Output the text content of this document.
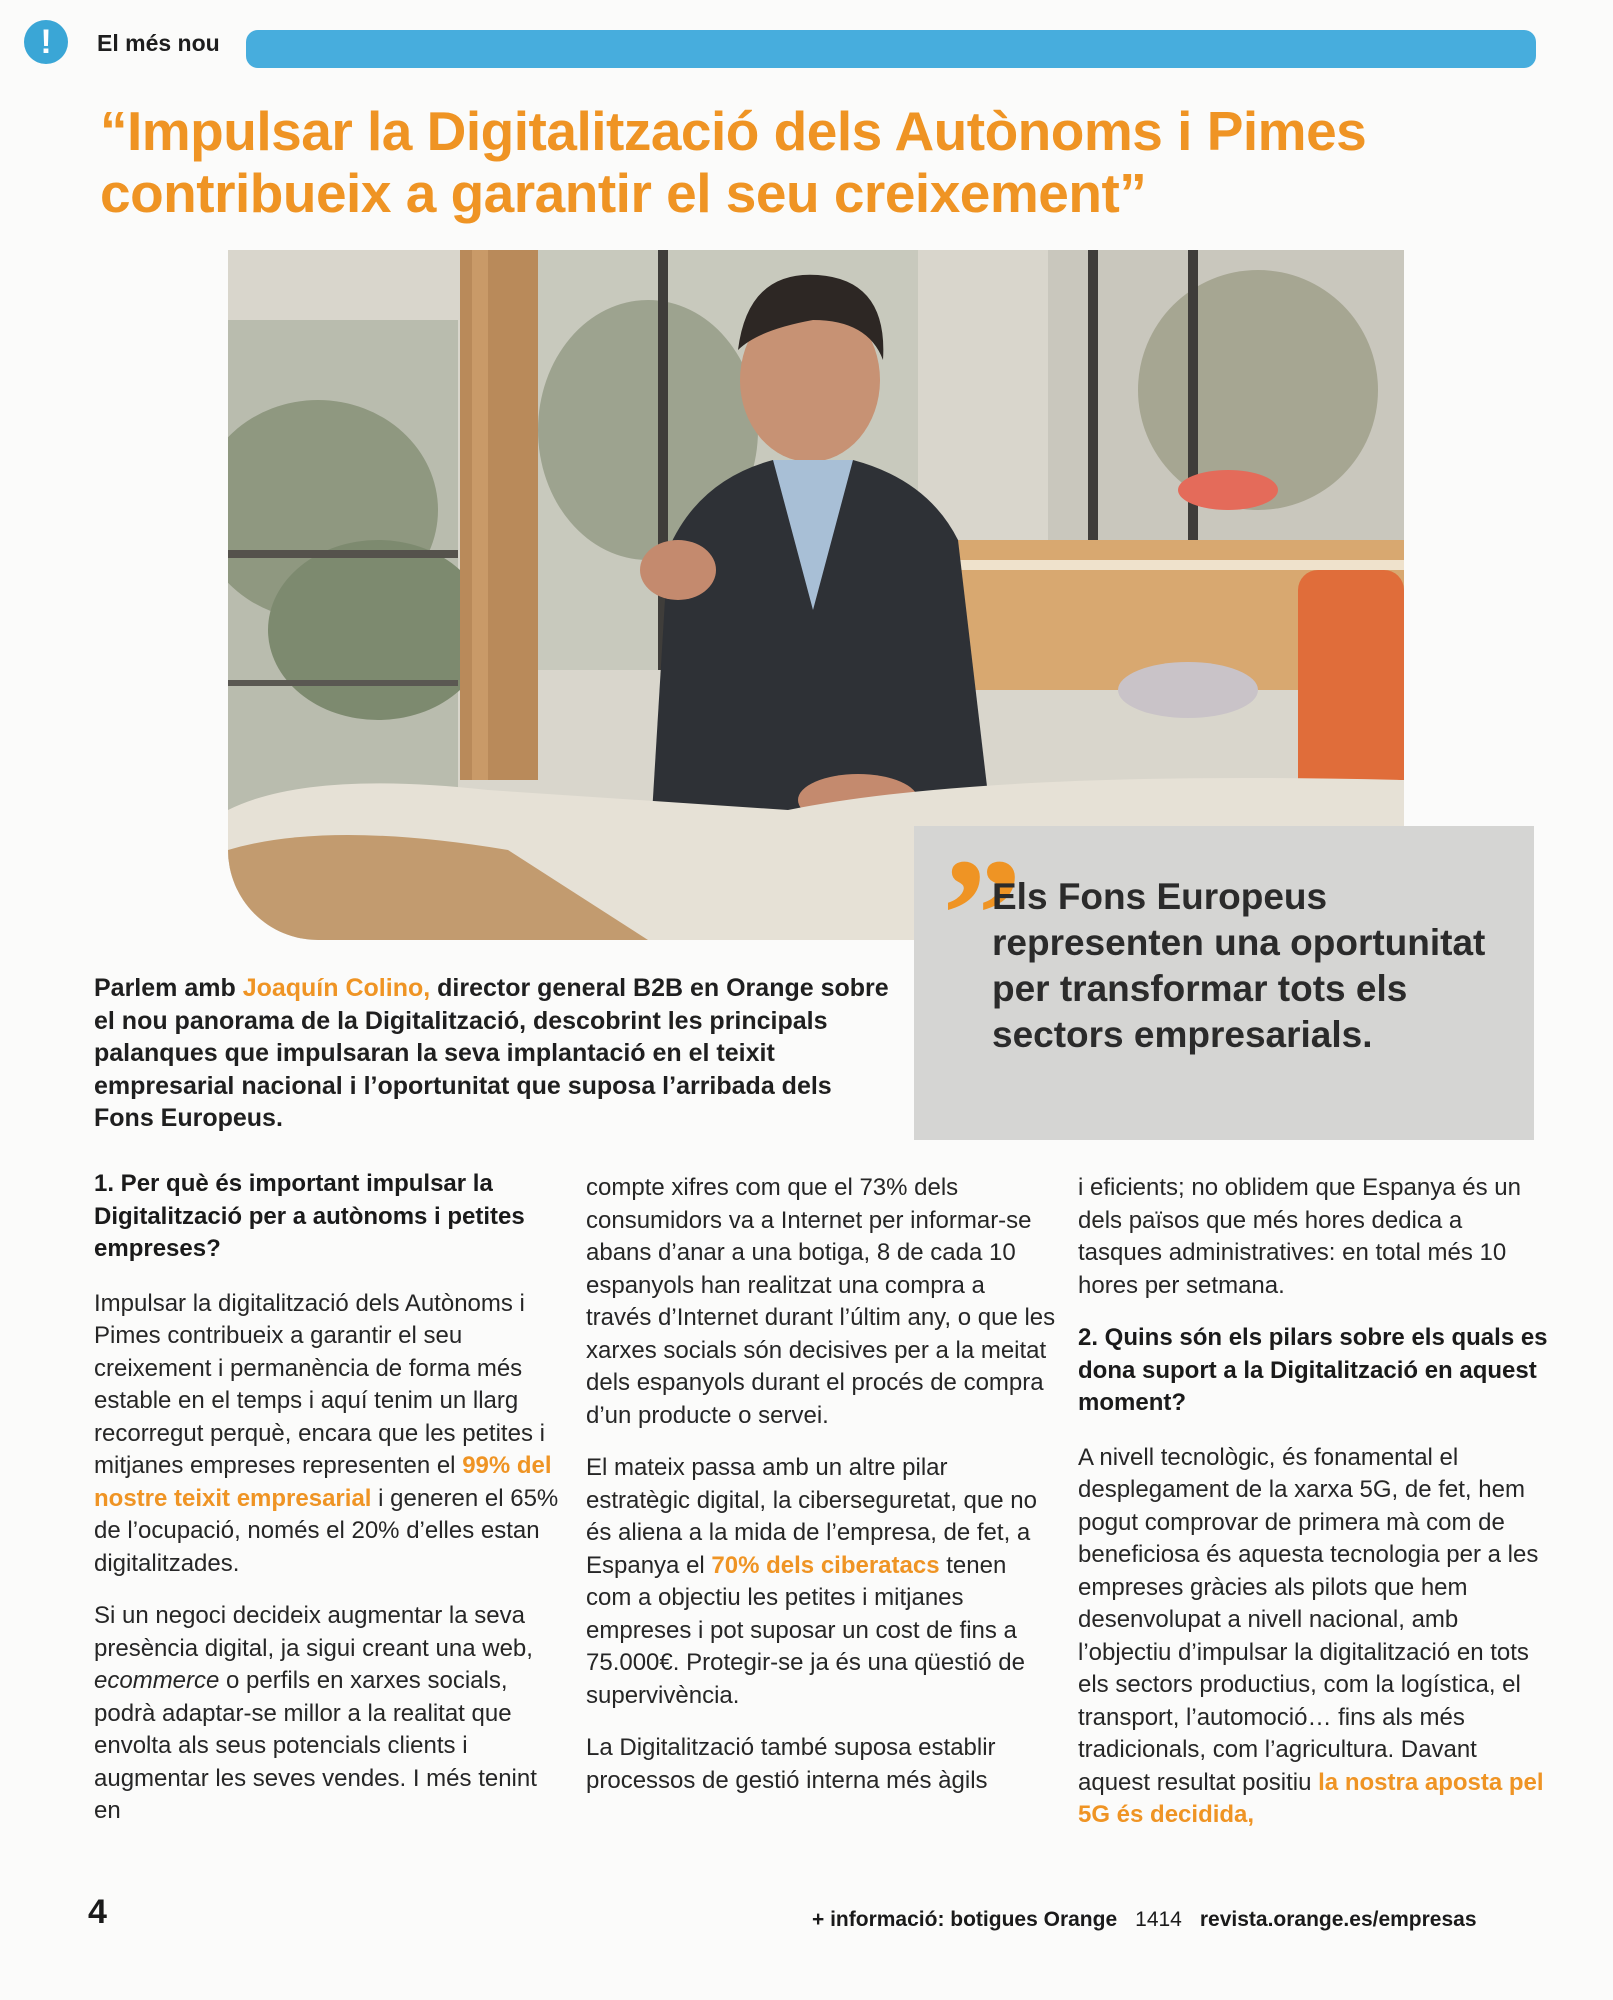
!	El més nou
“Impulsar la Digitalització dels Autònoms i Pimes
contribueix a garantir el seu creixement”
”
Els Fons Europeus representen una oportunitat per transformar tots els sectors empresarials.

Parlem amb Joaquín Colino, director general B2B en Orange sobre el nou panorama de la Digitalització, descobrint les principals palanques que impulsaran la seva implantació en el teixit empresarial nacional i l’oportunitat que suposa l’arribada dels Fons Europeus.

1. Per què és important impulsar la Digitalització per a autònoms i petites empreses?

Impulsar la digitalització dels Autònoms i Pimes contribueix a garantir el seu creixement i permanència de forma més estable en el temps i aquí tenim un llarg recorregut perquè, encara que les petites i mitjanes empreses representen el 99% del nostre teixit empresarial i generen el 65% de l’ocupació, només el 20% d’elles estan digitalitzades.

Si un negoci decideix augmentar la seva presència digital, ja sigui creant una web, ecommerce o perfils en xarxes socials, podrà adaptar-se millor a la realitat que envolta als seus potencials clients i augmentar les seves vendes. I més tenint en

compte xifres com que el 73% dels consumidors va a Internet per informar-se abans d’anar a una botiga, 8 de cada 10 espanyols han realitzat una compra a través d’Internet durant l’últim any, o que les xarxes socials són decisives per a la meitat dels espanyols durant el procés de compra d’un producte o servei.

El mateix passa amb un altre pilar estratègic digital, la ciberseguretat, que no és aliena a la mida de l’empresa, de fet, a Espanya el 70% dels ciberatacs tenen com a objectiu les petites i mitjanes empreses i pot suposar un cost de fins a 75.000€. Protegir-se ja és una qüestió de supervivència.

La Digitalització també suposa establir processos de gestió interna més àgils

i eficients; no oblidem que Espanya és un dels països que més hores dedica a tasques administratives: en total més 10 hores per setmana.

2. Quins són els pilars sobre els quals es dona suport a la Digitalització en aquest moment?

A nivell tecnològic, és fonamental el desplegament de la xarxa 5G, de fet, hem pogut comprovar de primera mà com de beneficiosa és aquesta tecnologia per a les empreses gràcies als pilots que hem desenvolupat a nivell nacional, amb l’objectiu d’impulsar la digitalització en tots els sectors productius, com la logística, el transport, l’automoció… fins als més tradicionals, com l’agricultura. Davant aquest resultat positiu la nostra aposta pel 5G és decidida,

4	+ informació: botigues Orange 1414 revista.orange.es/empresas
